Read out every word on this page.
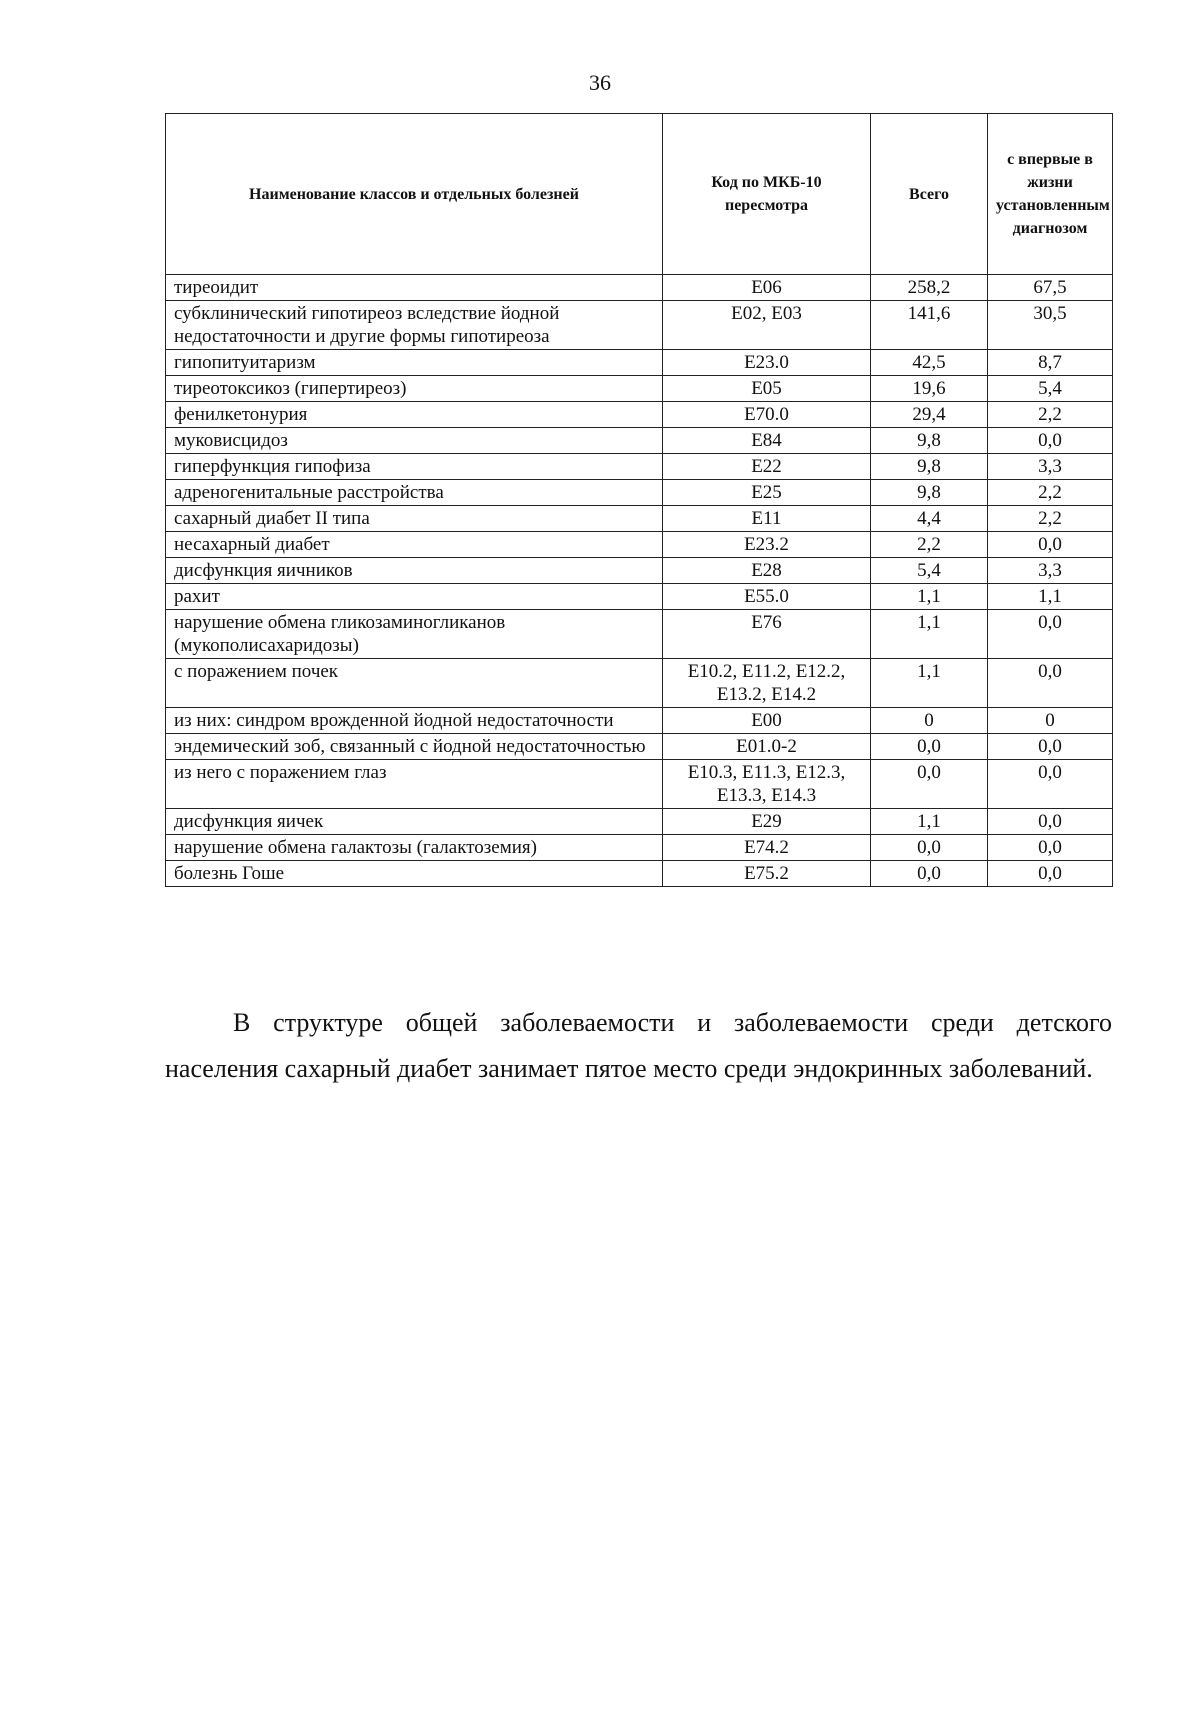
36
Наименование классов и отдельных болезней	Код по МКБ-10 пересмотра	Всего	с впервые в жизни установленным диагнозом
тиреоидит	E06	258,2	67,5
субклинический гипотиреоз вследствие йодной недостаточности и другие формы гипотиреоза	E02, E03	141,6	30,5
гипопитуитаризм	E23.0	42,5	8,7
тиреотоксикоз (гипертиреоз)	E05	19,6	5,4
фенилкетонурия	E70.0	29,4	2,2
муковисцидоз	E84	9,8	0,0
гиперфункция гипофиза	E22	9,8	3,3
адреногенитальные расстройства	E25	9,8	2,2
сахарный диабет II типа	E11	4,4	2,2
несахарный диабет	E23.2	2,2	0,0
дисфункция яичников	E28	5,4	3,3
рахит	E55.0	1,1	1,1
нарушение обмена гликозаминогликанов (мукополисахаридозы)	E76	1,1	0,0
с поражением почек	E10.2, E11.2, E12.2, E13.2, E14.2	1,1	0,0
из них: синдром врожденной йодной недостаточности	E00	0	0
эндемический зоб, связанный с йодной недостаточностью	E01.0-2	0,0	0,0
из него с поражением глаз	E10.3, E11.3, E12.3, E13.3, E14.3	0,0	0,0
дисфункция яичек	E29	1,1	0,0
нарушение обмена галактозы (галактоземия)	E74.2	0,0	0,0
болезнь Гоше	E75.2	0,0	0,0

В структуре общей заболеваемости и заболеваемости среди детского населения сахарный диабет занимает пятое место среди эндокринных заболеваний.
